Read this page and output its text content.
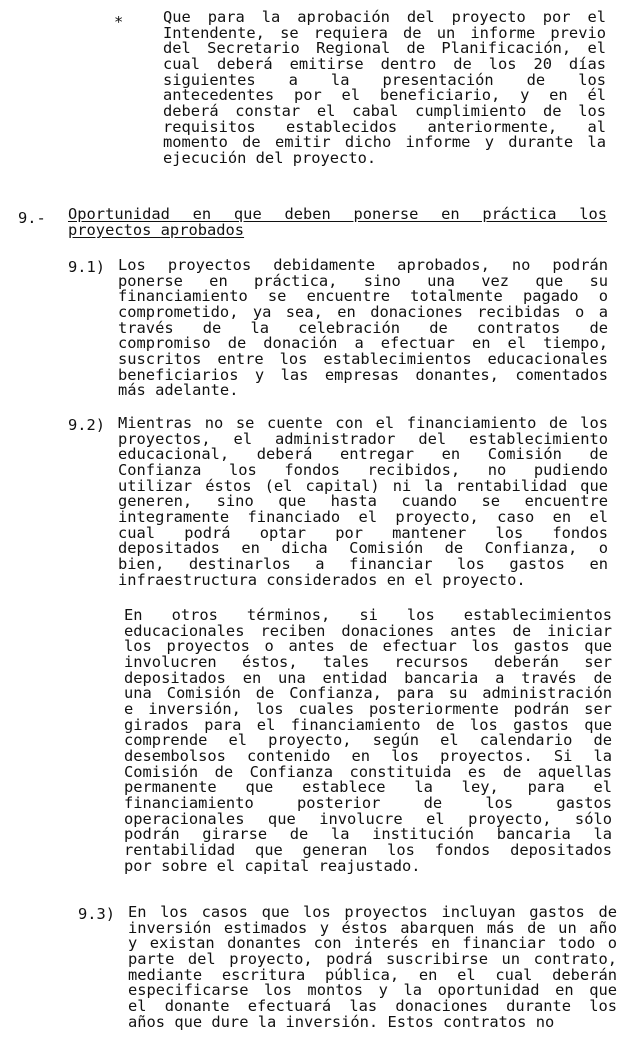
*	Que para la aprobación del proyecto por el
Intendente, se requiera de un informe previo
del Secretario Regional de Planificación, el
cual deberá emitirse dentro de los 20 días
siguientes a la presentación de los
antecedentes por el beneficiario, y en él
deberá constar el cabal cumplimiento de los
requisitos establecidos anteriormente, al
momento de emitir dicho informe y durante la
ejecución del proyecto.
9.- Oportunidad en que deben ponerse en práctica los
proyectos aprobados
9.1) Los proyectos debidamente aprobados, no podrán
ponerse en práctica, sino una vez que su
financiamiento se encuentre totalmente pagado o
comprometido, ya sea, en donaciones recibidas o a
través de la celebración de contratos de
compromiso de donación a efectuar en el tiempo,
suscritos entre los establecimientos educacionales
beneficiarios y las empresas donantes, comentados
más adelante.
9.2) Mientras no se cuente con el financiamiento de los
proyectos, el administrador del establecimiento
educacional, deberá entregar en Comisión de
Confianza los fondos recibidos, no pudiendo
utilizar éstos (el capital) ni la rentabilidad que
generen, sino que hasta cuando se encuentre
integramente financiado el proyecto, caso en el
cual podrá optar por mantener los fondos
depositados en dicha Comisión de Confianza, o
bien, destinarlos a financiar los gastos en
infraestructura considerados en el proyecto.
En otros términos, si los establecimientos
educacionales reciben donaciones antes de iniciar
los proyectos o antes de efectuar los gastos que
involucren éstos, tales recursos deberán ser
depositados en una entidad bancaria a través de
una Comisión de Confianza, para su administración
e inversión, los cuales posteriormente podrán ser
girados para el financiamiento de los gastos que
comprende el proyecto, según el calendario de
desembolsos contenido en los proyectos. Si la
Comisión de Confianza constituida es de aquellas
permanente que establece la ley, para el
financiamiento posterior de los gastos
operacionales que involucre el proyecto, sólo
podrán girarse de la institución bancaria la
rentabilidad que generan los fondos depositados
por sobre el capital reajustado.
9.3) En los casos que los proyectos incluyan gastos de
inversión estimados y éstos abarquen más de un año
y existan donantes con interés en financiar todo o
parte del proyecto, podrá suscribirse un contrato,
mediante escritura pública, en el cual deberán
especificarse los montos y la oportunidad en que
el donante efectuará las donaciones durante los
años que dure la inversión. Estos contratos no
